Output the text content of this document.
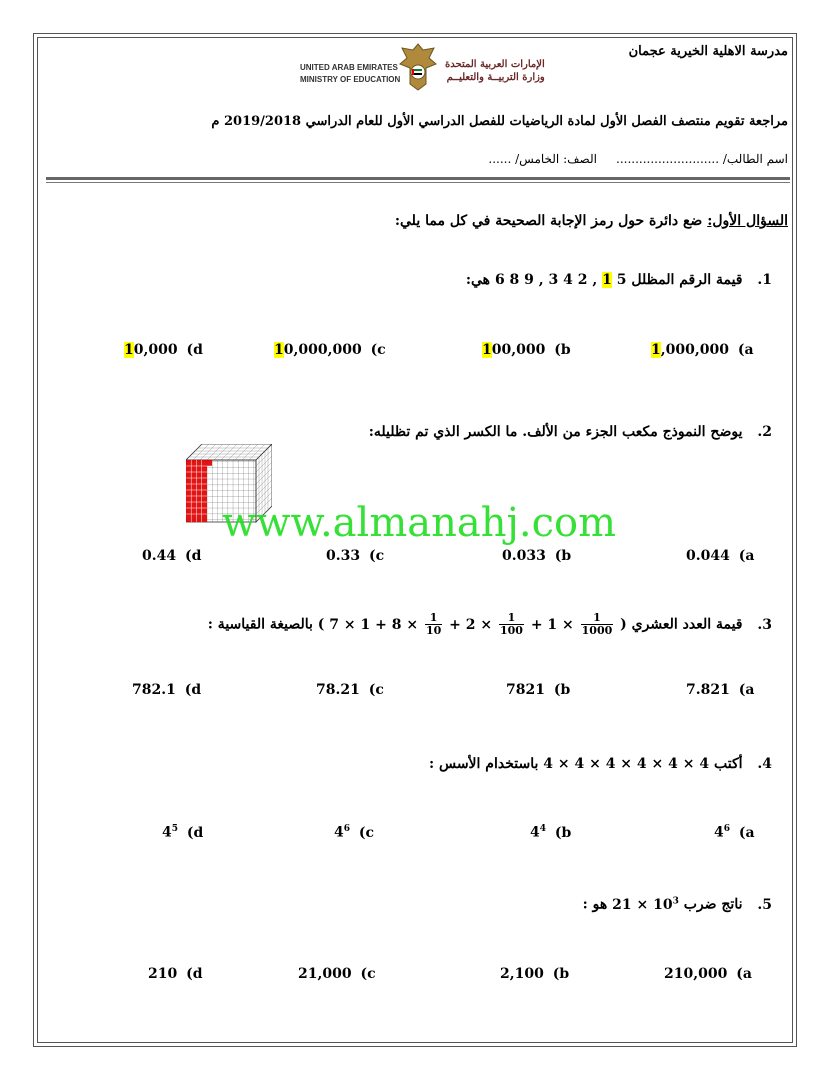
مدرسة الاهلية الخيرية عجمان
UNITED ARAB EMIRATES
MINISTRY OF EDUCATION
الإمارات العربية المتحدة
وزارة التربيــة والتعليــم
مراجعة تقويم منتصف الفصل الأول لمادة الرياضيات للفصل الدراسي الأول للعام الدراسي 2019/2018 م
اسم الطالب/ ...........................     الصف: الخامس/ ......
السؤال الأول: ضع دائرة حول رمز الإجابة الصحيحة في كل مما يلي:
1. قيمة الرقم المظلل 6 8 9 , 3 4 2 , 1 5 هي:
1,000,000 (a
100,000 (b
10,000,000 (c
10,000 (d
2. يوضح النموذج مكعب الجزء من الألف. ما الكسر الذي تم تظليله:
www.almanahj.com
0.044 (a
0.033 (b
0.33 (c
0.44 (d
3. قيمة العدد العشري ( $7 \times 1 + 8 \times \frac{1}{10} + 2 \times \frac{1}{100} + 1 \times \frac{1}{1000}$
) بالصيغة القياسية :
7.821 (a
7821 (b
78.21 (c
782.1 (d
4. أكتب 4 × 4 × 4 × 4 × 4 × 4 باستخدام الأسس :
$4^6$ (a
$4^4$ (b
$4^6$ (c
$4^5$ (d
5. ناتج ضرب $21 \times 10^3$ هو :
210,000 (a
2,100 (b
21,000 (c
210 (d
